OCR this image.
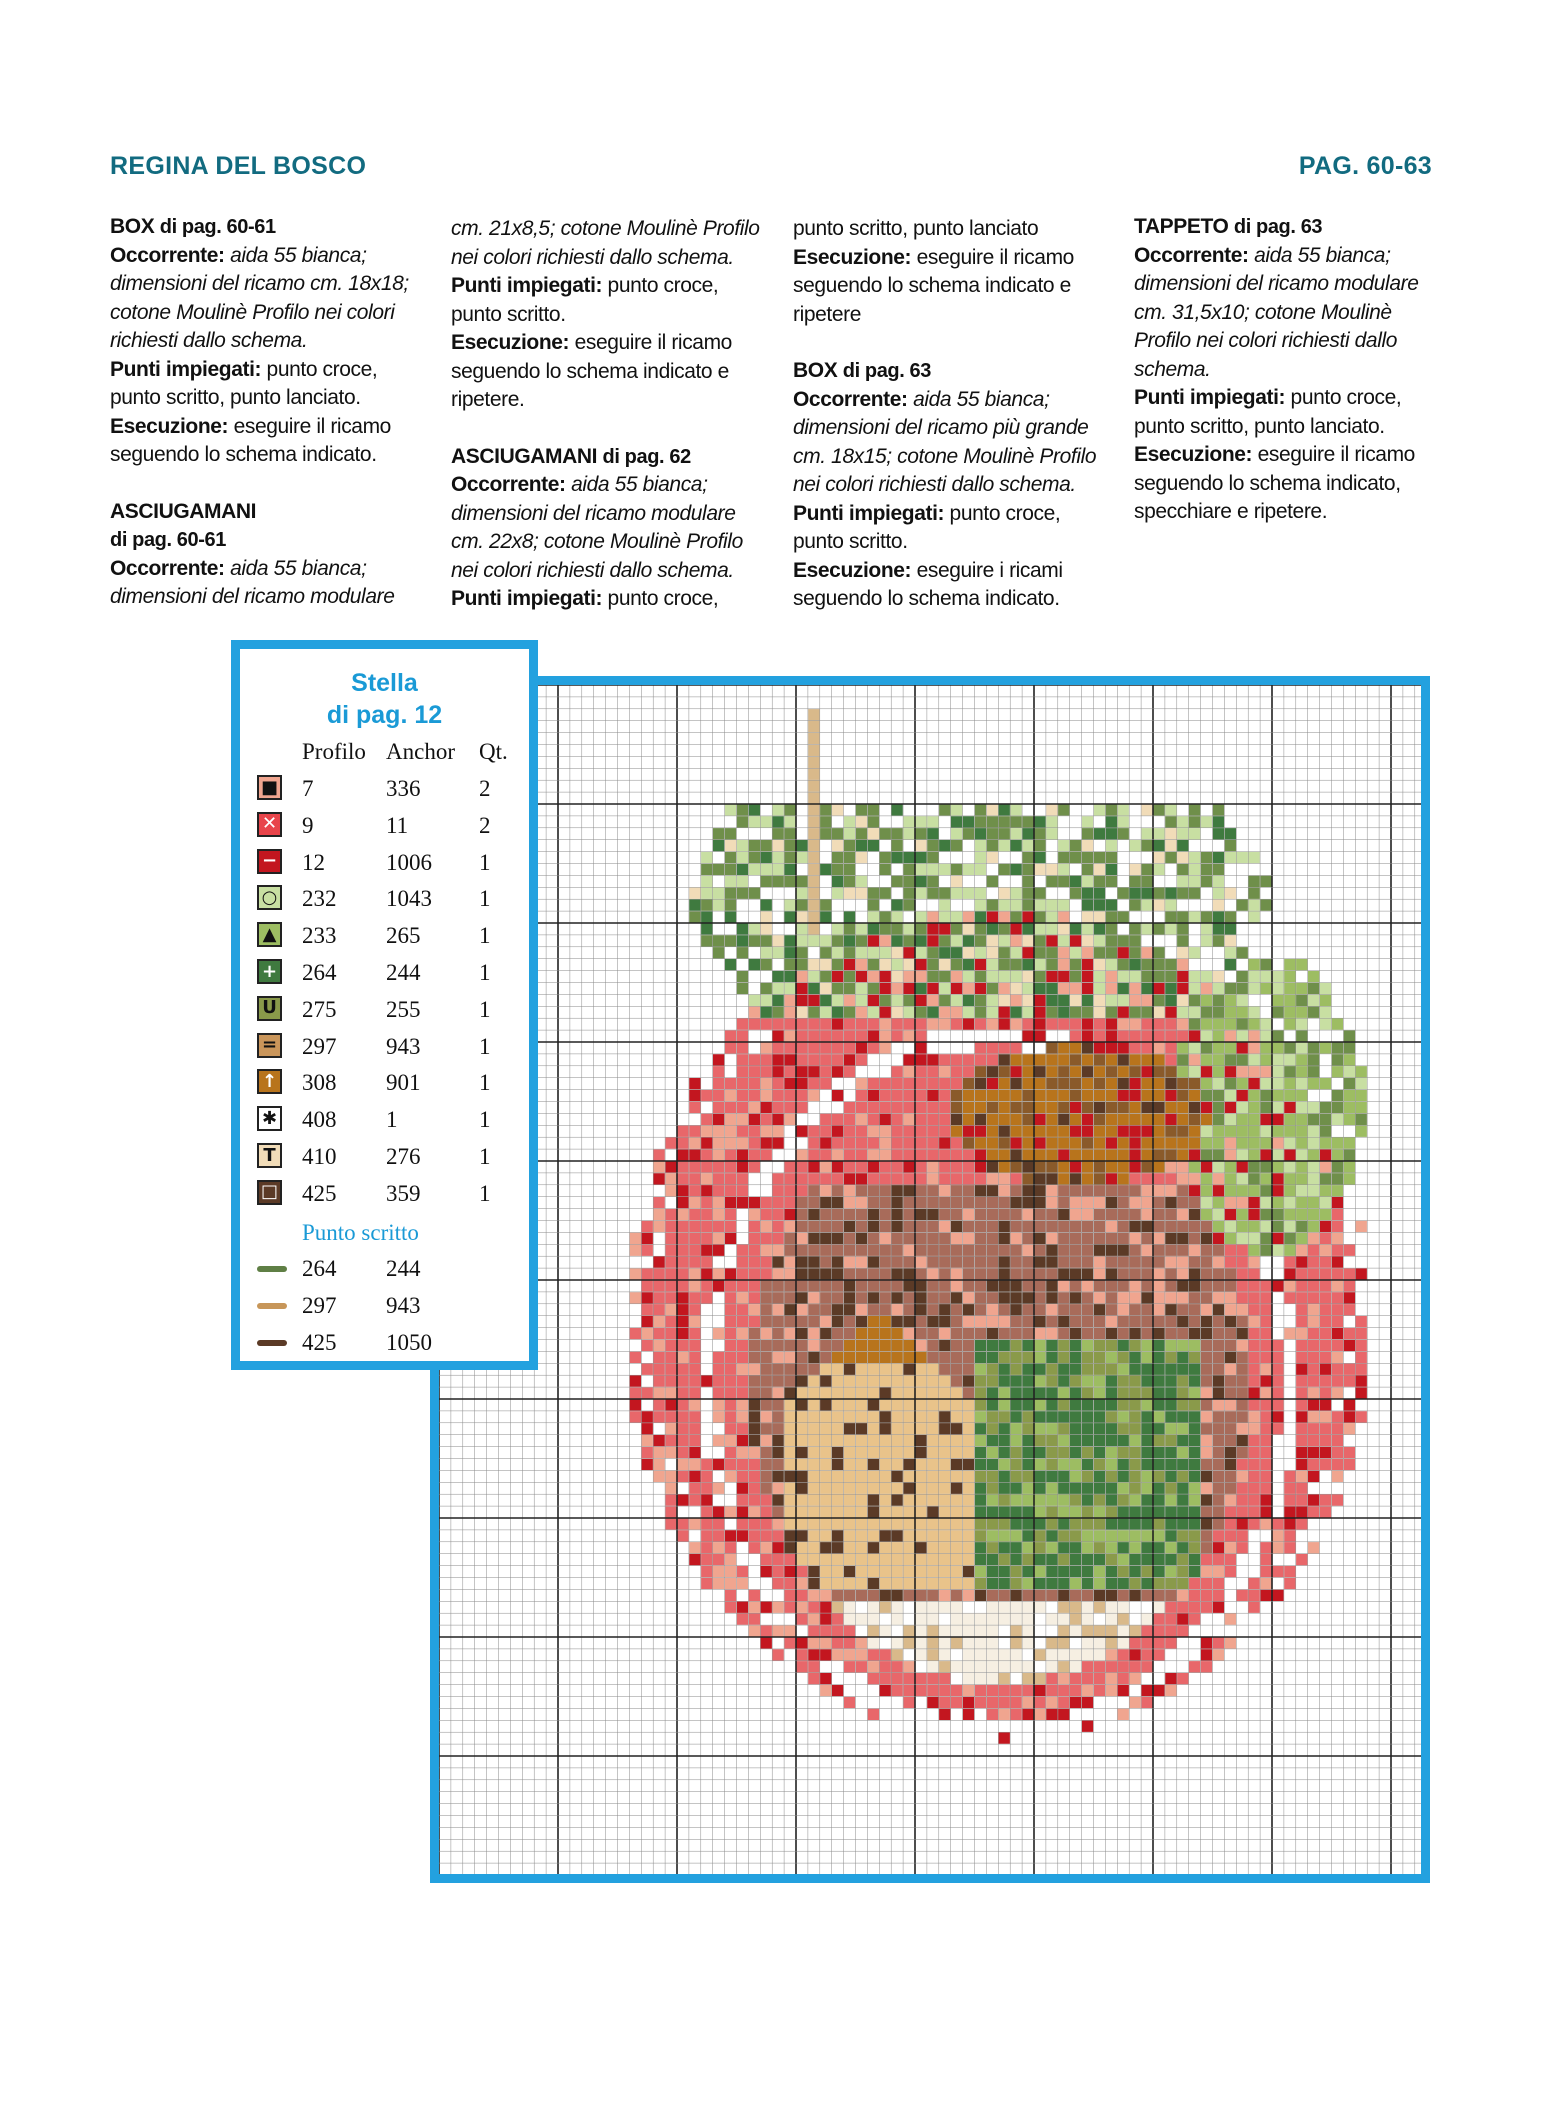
REGINA DEL BOSCO	PAG. 60-63

BOX di pag. 60-61

Occorrente: aida 55 bianca; dimensioni del ricamo cm. 18x18; cotone Moulinè Profilo nei colori richiesti dallo schema.

Punti impiegati: punto croce, punto scritto, punto lanciato.

Esecuzione: eseguire il ricamo seguendo lo schema indicato.

ASCIUGAMANI

di pag. 60-61

Occorrente: aida 55 bianca; dimensioni del ricamo modulare

cm. 21x8,5; cotone Moulinè Profilo nei colori richiesti dallo schema.

Punti impiegati: punto croce, punto scritto.

Esecuzione: eseguire il ricamo seguendo lo schema indicato e ripetere.

ASCIUGAMANI di pag. 62

Occorrente: aida 55 bianca; dimensioni del ricamo modulare cm. 22x8; cotone Moulinè Profilo nei colori richiesti dallo schema.

Punti impiegati: punto croce,

punto scritto, punto lanciato

Esecuzione: eseguire il ricamo seguendo lo schema indicato e ripetere

BOX di pag. 63

Occorrente: aida 55 bianca; dimensioni del ricamo più grande cm. 18x15; cotone Moulinè Profilo nei colori richiesti dallo schema.

Punti impiegati: punto croce, punto scritto.

Esecuzione: eseguire i ricami seguendo lo schema indicato.

TAPPETO di pag. 63

Occorrente: aida 55 bianca; dimensioni del ricamo modulare cm. 31,5x10; cotone Moulinè Profilo nei colori richiesti dallo schema.

Punti impiegati: punto croce, punto scritto, punto lanciato.

Esecuzione: eseguire il ricamo seguendo lo schema indicato, specchiare e ripetere.

Stella
di pag. 12
Profilo Anchor Qt.
■ 7	336	2
✕ 9	11	2
− 12	1006 1
○ 232 1043 1
▲ 233 265	1
+ 264 244	1
U 275 255	1
= 297 943	1
↑ 308 901	1
✱ 408 1	1
T 410 276	1
□ 425 359	1
Punto scritto
264 244
297 943
425 1050
